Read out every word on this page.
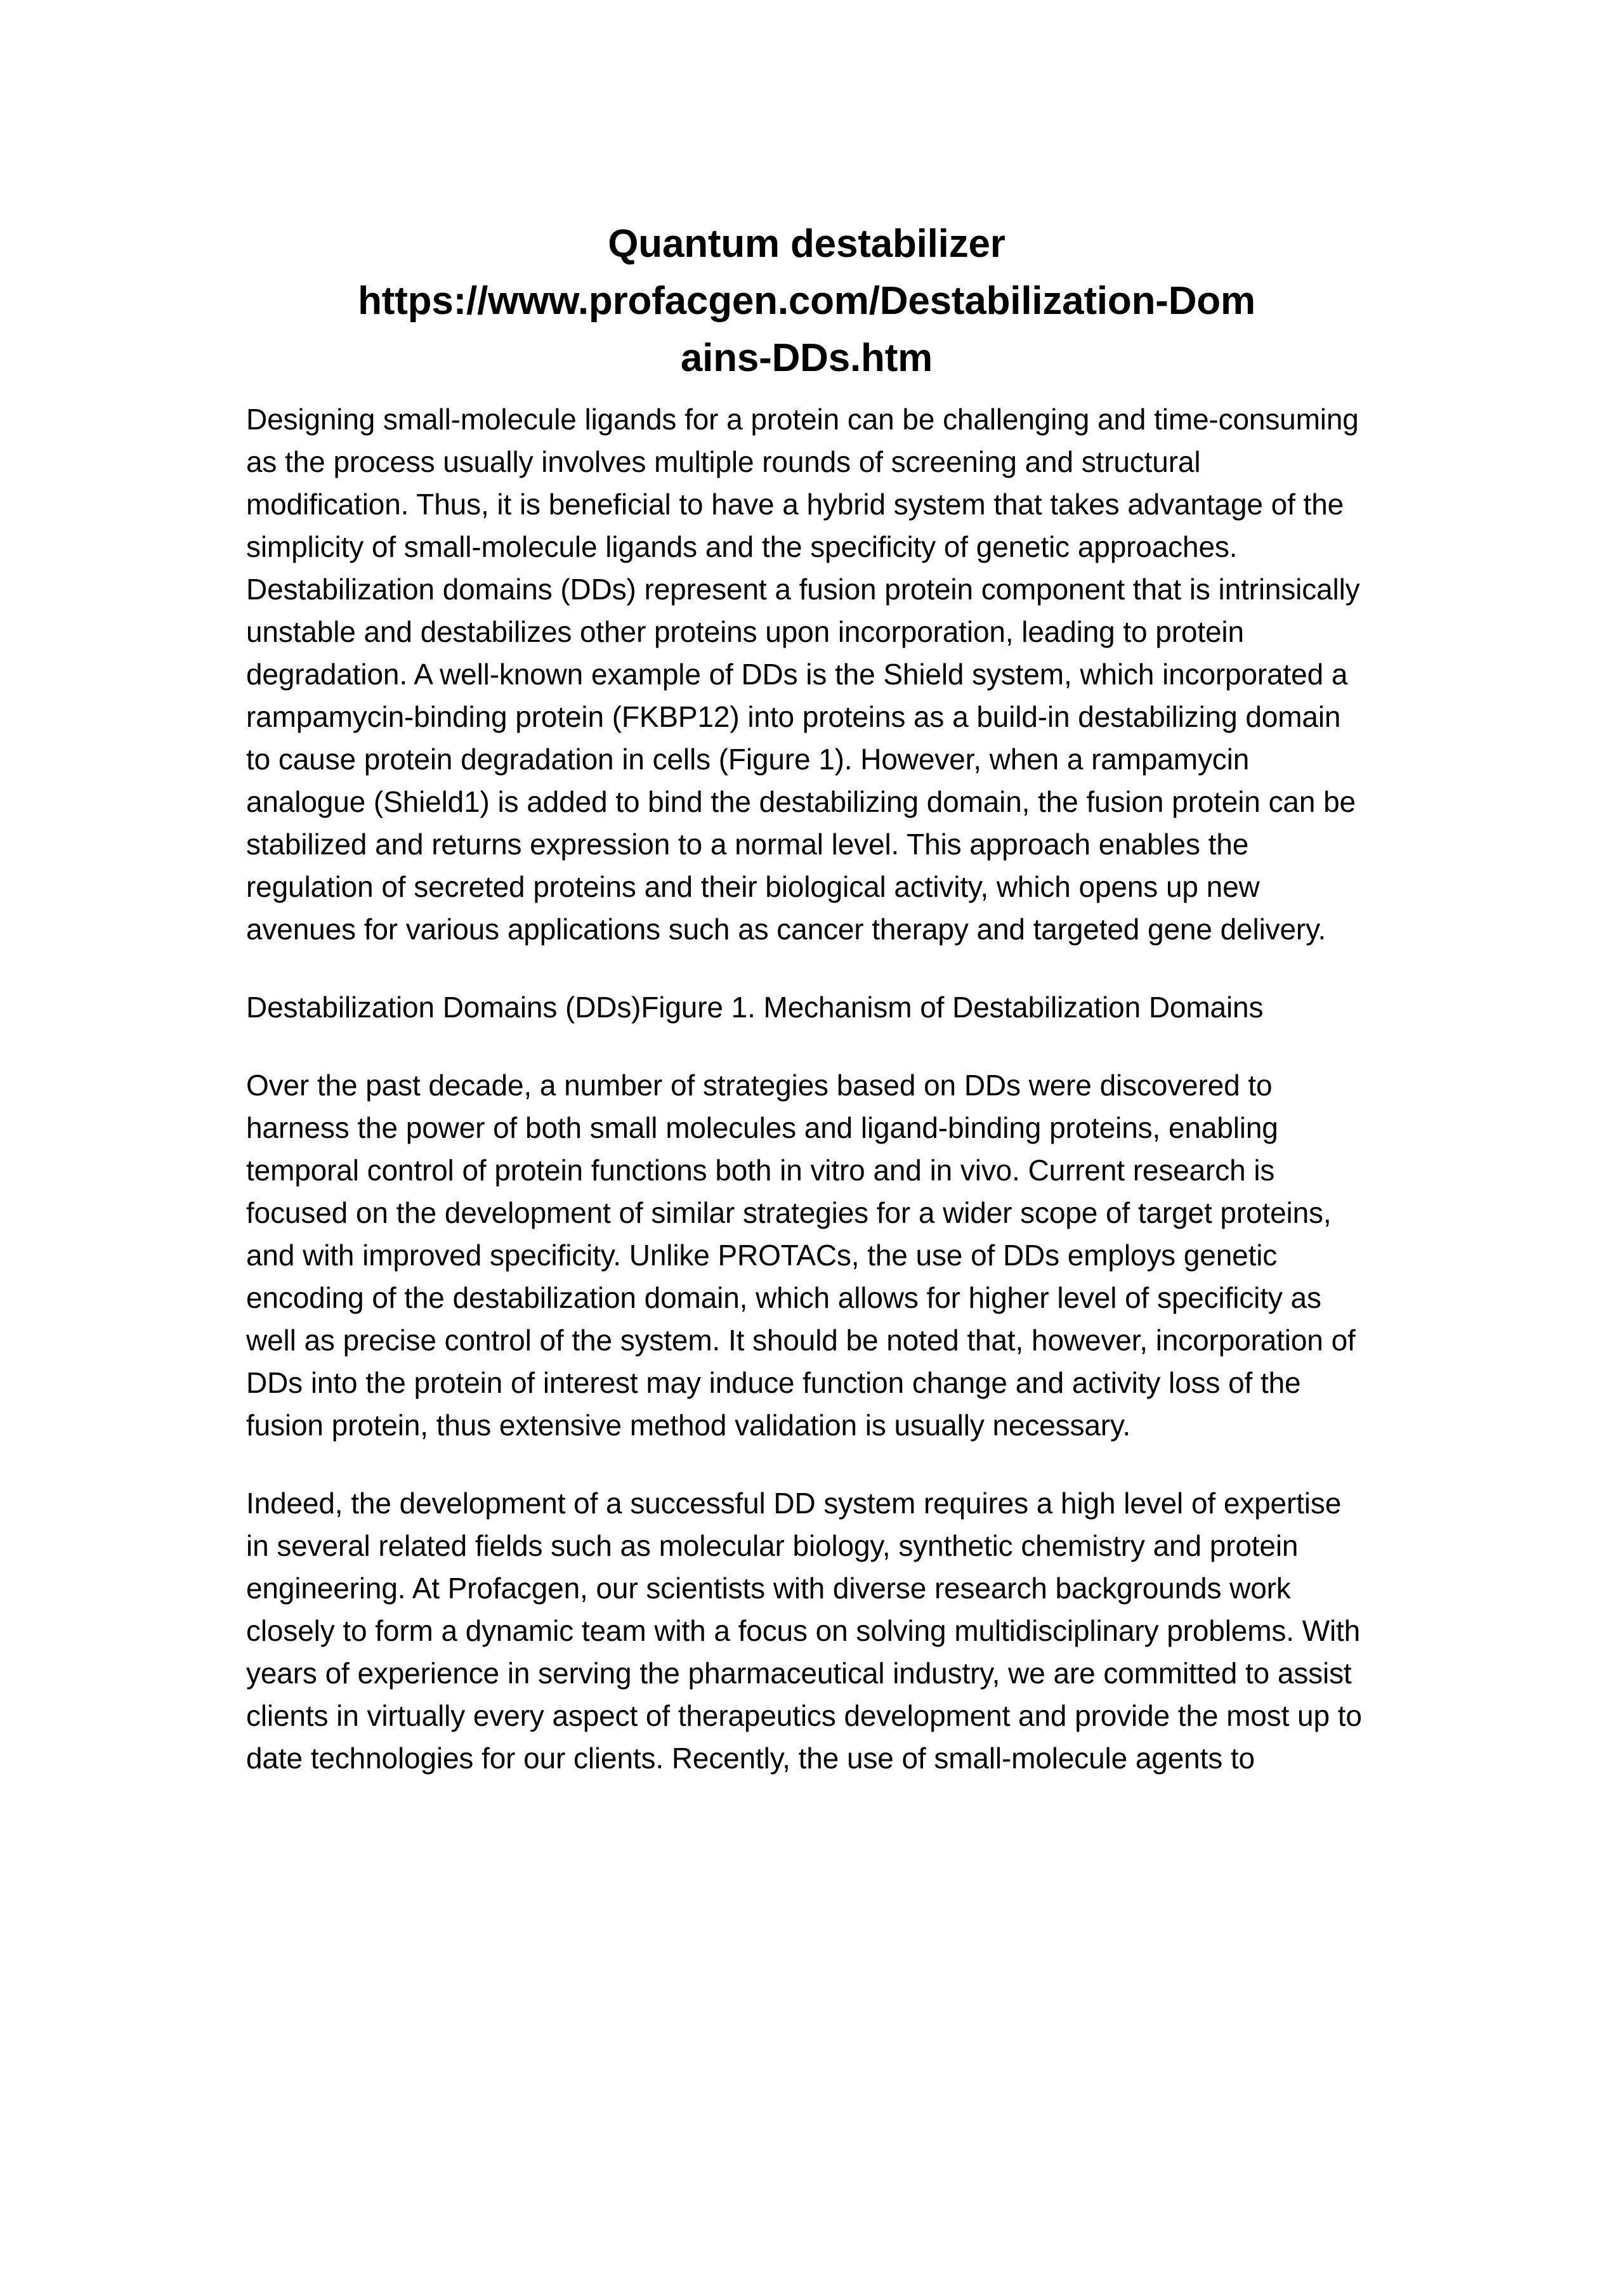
Quantum destabilizer
https://www.profacgen.com/Destabilization-Dom
ains-DDs.htm

Designing small-molecule ligands for a protein can be challenging and time-consuming as the process usually involves multiple rounds of screening and structural modification. Thus, it is beneficial to have a hybrid system that takes advantage of the simplicity of small-molecule ligands and the specificity of genetic approaches. Destabilization domains (DDs) represent a fusion protein component that is intrinsically unstable and destabilizes other proteins upon incorporation, leading to protein degradation. A well-known example of DDs is the Shield system, which incorporated a rampamycin-binding protein (FKBP12) into proteins as a build-in destabilizing domain to cause protein degradation in cells (Figure 1). However, when a rampamycin analogue (Shield1) is added to bind the destabilizing domain, the fusion protein can be stabilized and returns expression to a normal level. This approach enables the regulation of secreted proteins and their biological activity, which opens up new avenues for various applications such as cancer therapy and targeted gene delivery.

Destabilization Domains (DDs)Figure 1. Mechanism of Destabilization Domains

Over the past decade, a number of strategies based on DDs were discovered to harness the power of both small molecules and ligand-binding proteins, enabling temporal control of protein functions both in vitro and in vivo. Current research is focused on the development of similar strategies for a wider scope of target proteins, and with improved specificity. Unlike PROTACs, the use of DDs employs genetic encoding of the destabilization domain, which allows for higher level of specificity as well as precise control of the system. It should be noted that, however, incorporation of DDs into the protein of interest may induce function change and activity loss of the fusion protein, thus extensive method validation is usually necessary.

Indeed, the development of a successful DD system requires a high level of expertise in several related fields such as molecular biology, synthetic chemistry and protein engineering. At Profacgen, our scientists with diverse research backgrounds work closely to form a dynamic team with a focus on solving multidisciplinary problems. With years of experience in serving the pharmaceutical industry, we are committed to assist clients in virtually every aspect of therapeutics development and provide the most up to date technologies for our clients. Recently, the use of small-molecule agents to
